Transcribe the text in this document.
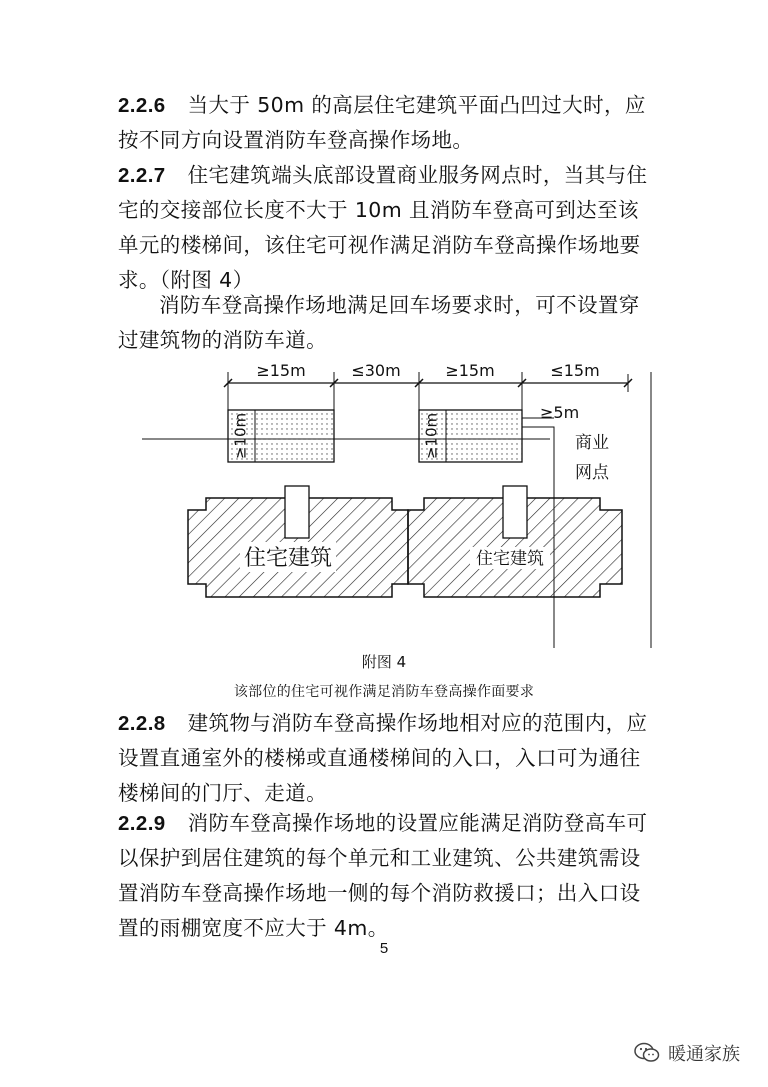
2.2.6 当大于 50m 的高层住宅建筑平面凸凹过大时，应按不同方向设置消防车登高操作场地。
2.2.7 住宅建筑端头底部设置商业服务网点时，当其与住宅的交接部位长度不大于 10m 且消防车登高可到达至该单元的楼梯间，该住宅可视作满足消防车登高操作场地要求。（附图 4）
消防车登高操作场地满足回车场要求时，可不设置穿过建筑物的消防车道。
≥15m	≤30m	≥15m	≤15m
≥10m	≥10m
≥5m
商业
网点
住宅建筑	住宅建筑
附图 4
该部位的住宅可视作满足消防车登高操作面要求
2.2.8 建筑物与消防车登高操作场地相对应的范围内，应设置直通室外的楼梯或直通楼梯间的入口，入口可为通往楼梯间的门厅、走道。
2.2.9 消防车登高操作场地的设置应能满足消防登高车可以保护到居住建筑的每个单元和工业建筑、公共建筑需设置消防车登高操作场地一侧的每个消防救援口；出入口设置的雨棚宽度不应大于 4m。
5
暖通家族
